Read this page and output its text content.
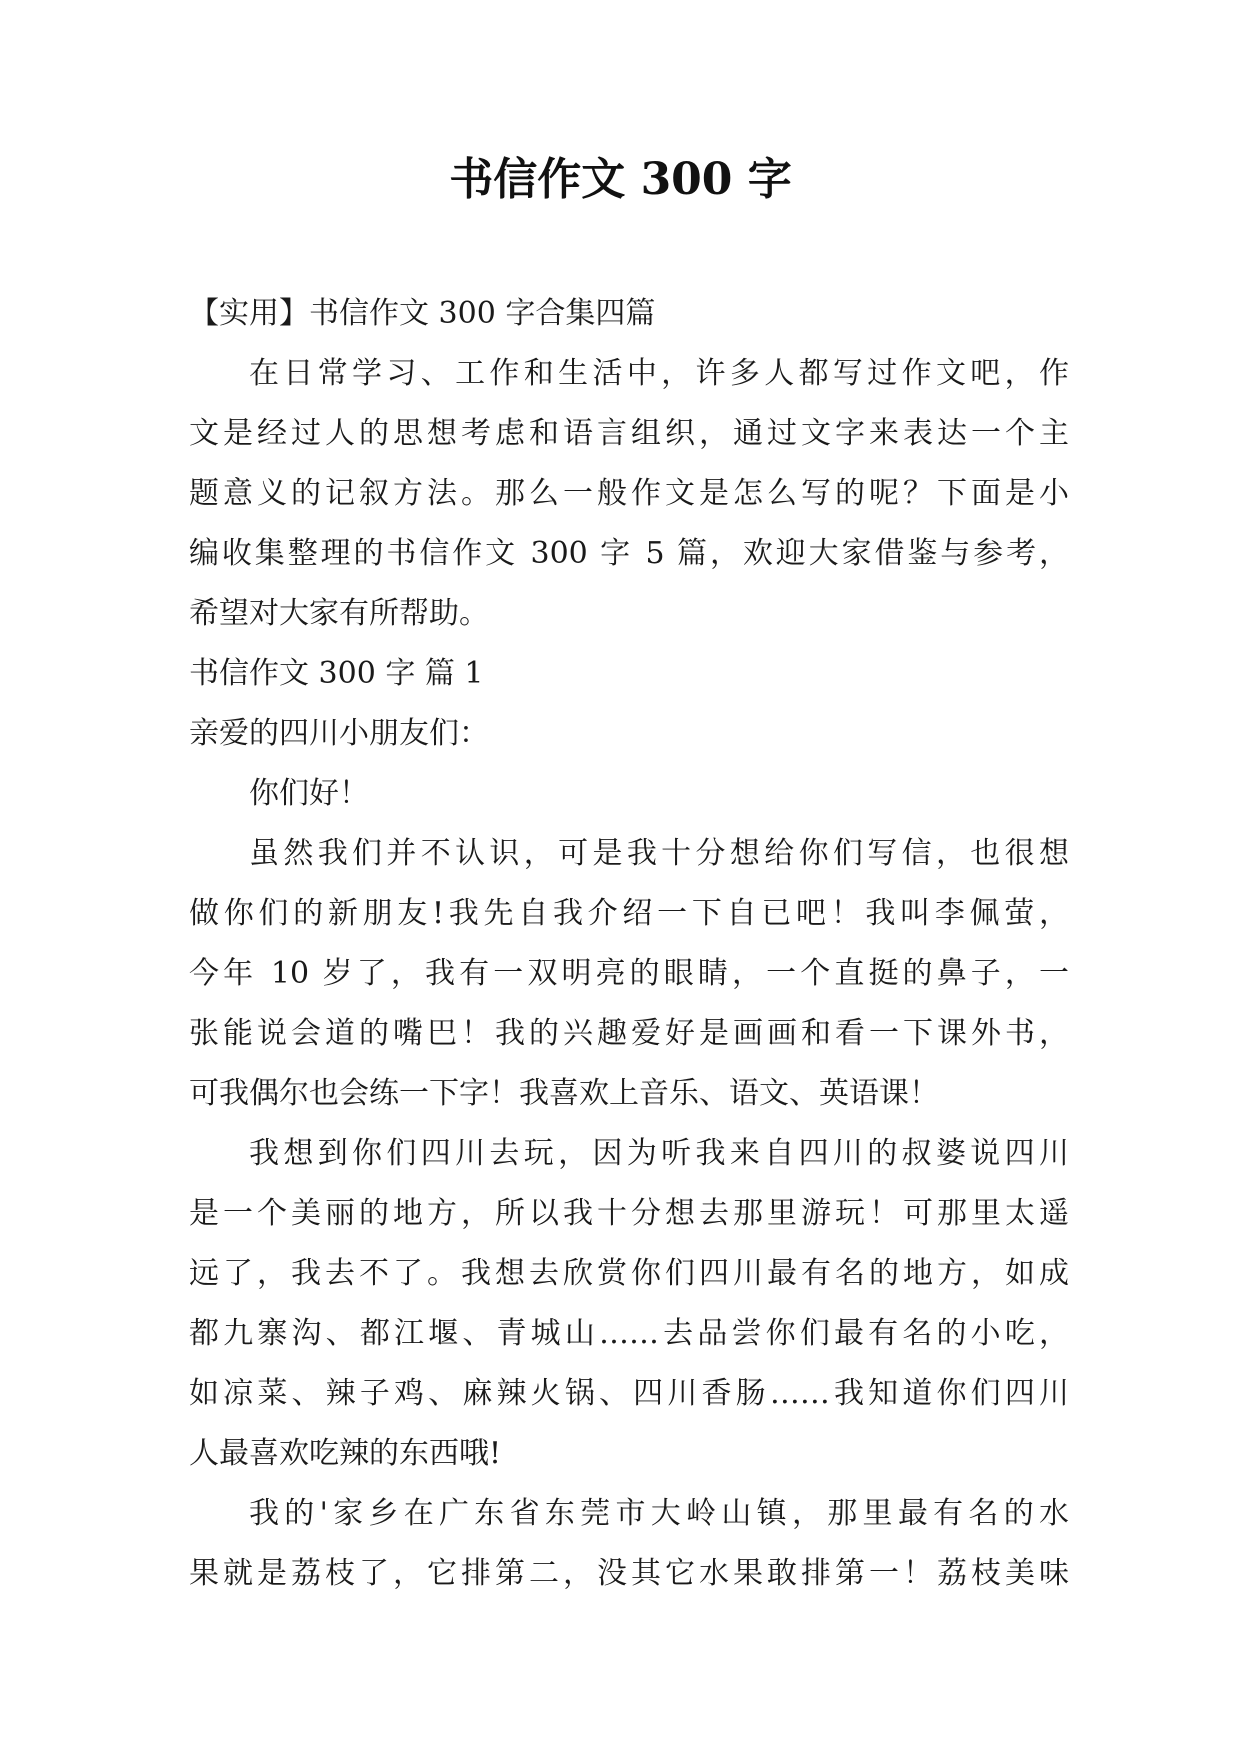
书信作文 300 字
【实用】书信作文 300 字合集四篇
在日常学习、工作和生活中，许多人都写过作文吧，作
文是经过人的思想考虑和语言组织，通过文字来表达一个主
题意义的记叙方法。那么一般作文是怎么写的呢？下面是小
编收集整理的书信作文 300 字 5 篇，欢迎大家借鉴与参考，
希望对大家有所帮助。
书信作文 300 字 篇 1
亲爱的四川小朋友们：
你们好！
虽然我们并不认识，可是我十分想给你们写信，也很想
做你们的新朋友!我先自我介绍一下自已吧！我叫李佩萤，
今年 10 岁了，我有一双明亮的眼睛，一个直挺的鼻子，一
张能说会道的嘴巴！我的兴趣爱好是画画和看一下课外书，
可我偶尔也会练一下字！我喜欢上音乐、语文、英语课！
我想到你们四川去玩，因为听我来自四川的叔婆说四川
是一个美丽的地方，所以我十分想去那里游玩！可那里太遥
远了，我去不了。我想去欣赏你们四川最有名的地方，如成
都九寨沟、都江堰、青城山……去品尝你们最有名的小吃，
如凉菜、辣子鸡、麻辣火锅、四川香肠……我知道你们四川
人最喜欢吃辣的东西哦!
我的'家乡在广东省东莞市大岭山镇，那里最有名的水
果就是荔枝了，它排第二，没其它水果敢排第一！荔枝美味
